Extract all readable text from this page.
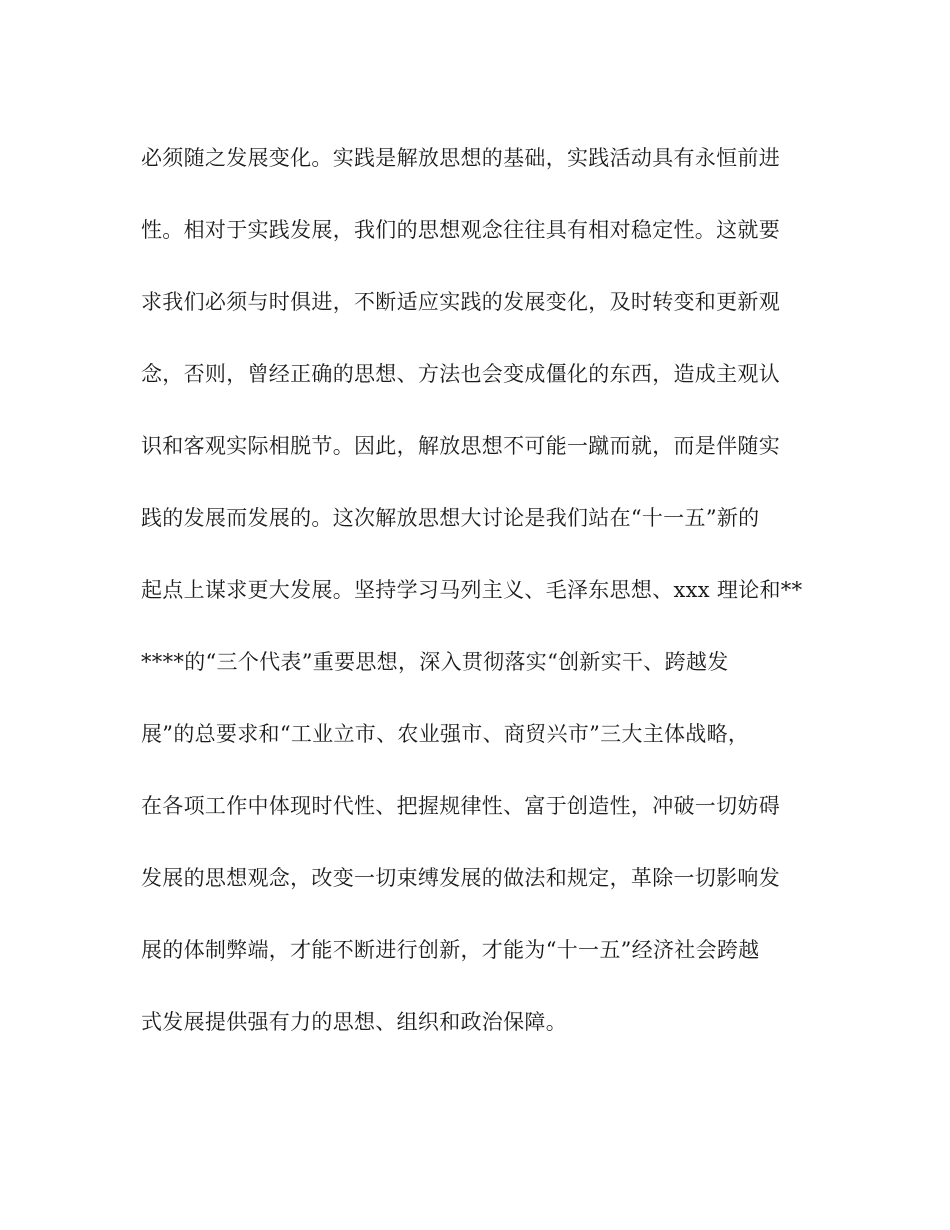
必须随之发展变化。实践是解放思想的基础，实践活动具有永恒前进
性。相对于实践发展，我们的思想观念往往具有相对稳定性。这就要
求我们必须与时俱进，不断适应实践的发展变化，及时转变和更新观
念，否则，曾经正确的思想、方法也会变成僵化的东西，造成主观认
识和客观实际相脱节。因此，解放思想不可能一蹴而就，而是伴随实
践的发展而发展的。这次解放思想大讨论是我们站在“十一五”新的
起点上谋求更大发展。坚持学习马列主义、毛泽东思想、xxx 理论和**
****的“三个代表”重要思想，深入贯彻落实“创新实干、跨越发
展”的总要求和“工业立市、农业强市、商贸兴市”三大主体战略，
在各项工作中体现时代性、把握规律性、富于创造性，冲破一切妨碍
发展的思想观念，改变一切束缚发展的做法和规定，革除一切影响发
展的体制弊端，才能不断进行创新，才能为“十一五”经济社会跨越
式发展提供强有力的思想、组织和政治保障。
